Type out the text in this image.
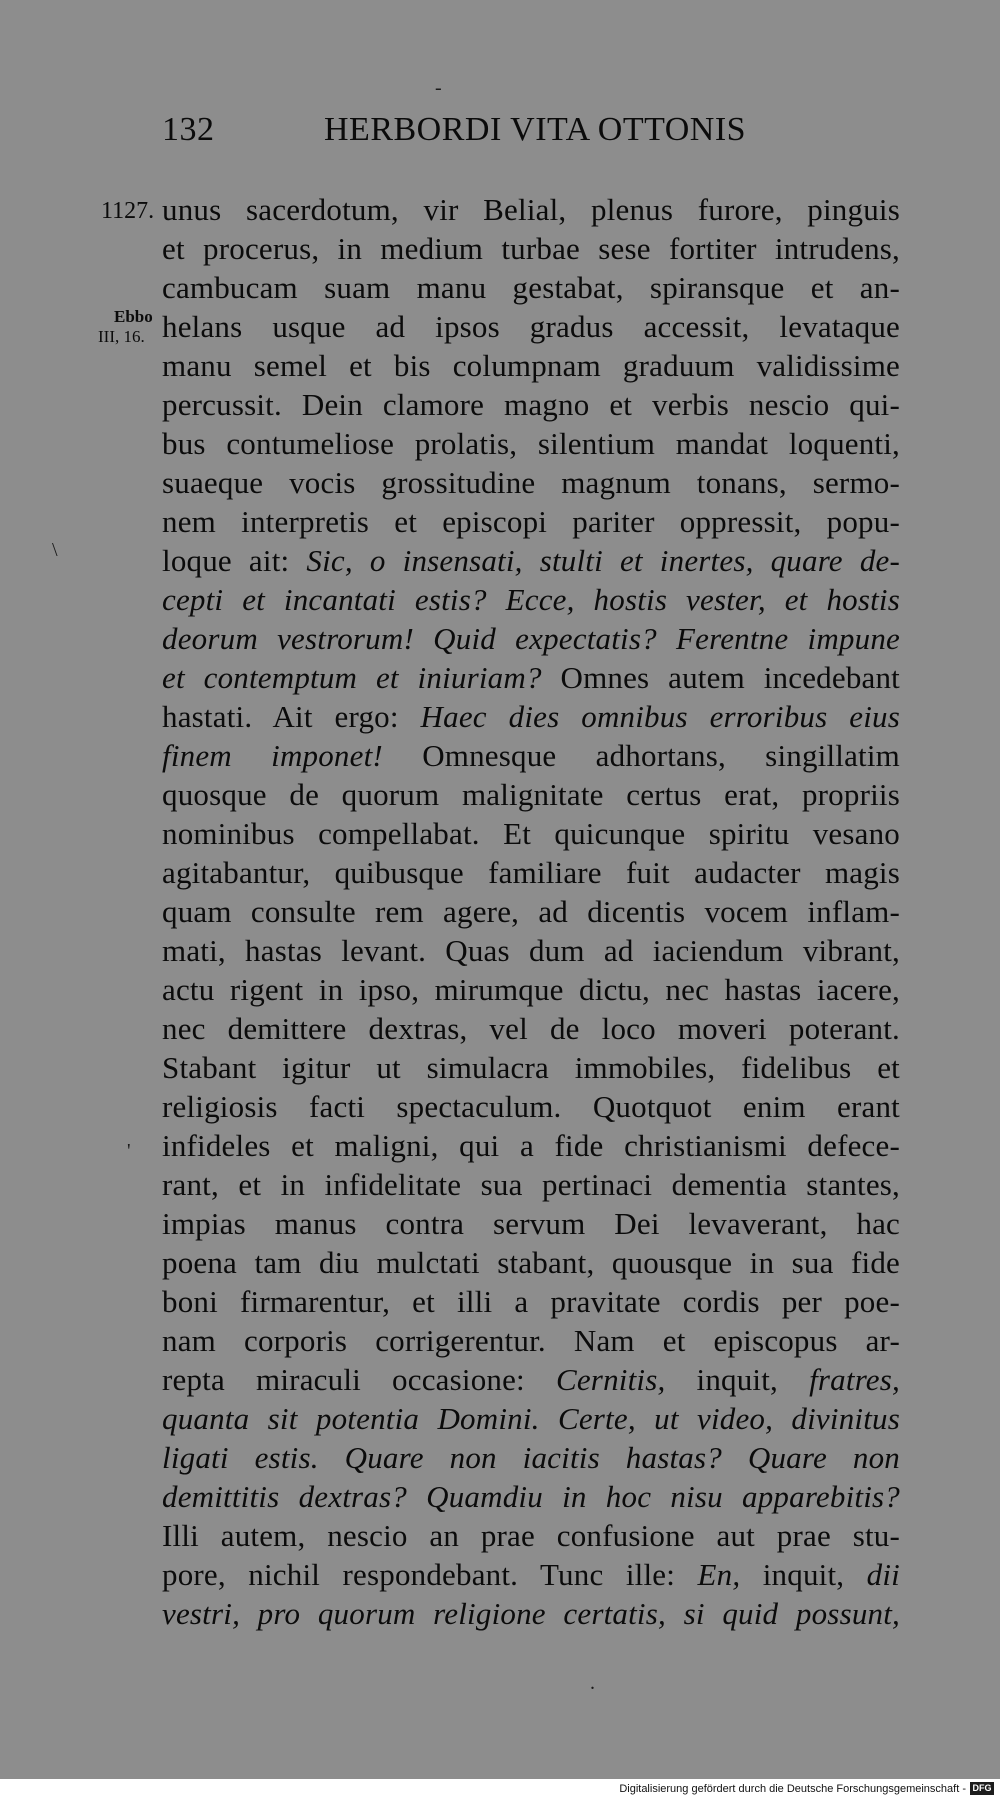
-
\
'
.
132	HERBORDI VITA OTTONIS
1127.
Ebbo
III, 16.
unus sacerdotum, vir Belial, plenus furore, pinguis
et procerus, in medium turbae sese fortiter intrudens,
cambucam suam manu gestabat, spiransque et an-
helans usque ad ipsos gradus accessit, levataque
manu semel et bis columpnam graduum validissime
percussit. Dein clamore magno et verbis nescio qui-
bus contumeliose prolatis, silentium mandat loquenti,
suaeque vocis grossitudine magnum tonans, sermo-
nem interpretis et episcopi pariter oppressit, popu-
loque ait: Sic, o insensati, stulti et inertes, quare de-
cepti et incantati estis? Ecce, hostis vester, et hostis
deorum vestrorum! Quid expectatis? Ferentne impune
et contemptum et iniuriam? Omnes autem incedebant
hastati. Ait ergo: Haec dies omnibus erroribus eius
finem imponet! Omnesque adhortans, singillatim
quosque de quorum malignitate certus erat, propriis
nominibus compellabat. Et quicunque spiritu vesano
agitabantur, quibusque familiare fuit audacter magis
quam consulte rem agere, ad dicentis vocem inflam-
mati, hastas levant. Quas dum ad iaciendum vibrant,
actu rigent in ipso, mirumque dictu, nec hastas iacere,
nec demittere dextras, vel de loco moveri poterant.
Stabant igitur ut simulacra immobiles, fidelibus et
religiosis facti spectaculum. Quotquot enim erant
infideles et maligni, qui a fide christianismi defece-
rant, et in infidelitate sua pertinaci dementia stantes,
impias manus contra servum Dei levaverant, hac
poena tam diu mulctati stabant, quousque in sua fide
boni firmarentur, et illi a pravitate cordis per poe-
nam corporis corrigerentur. Nam et episcopus ar-
repta miraculi occasione: Cernitis, inquit, fratres,
quanta sit potentia Domini. Certe, ut video, divinitus
ligati estis. Quare non iacitis hastas? Quare non
demittitis dextras? Quamdiu in hoc nisu apparebitis?
Illi autem, nescio an prae confusione aut prae stu-
pore, nichil respondebant. Tunc ille: En, inquit, dii
vestri, pro quorum religione certatis, si quid possunt,
Digitalisierung gefördert durch die Deutsche Forschungsgemeinschaft - DFG
